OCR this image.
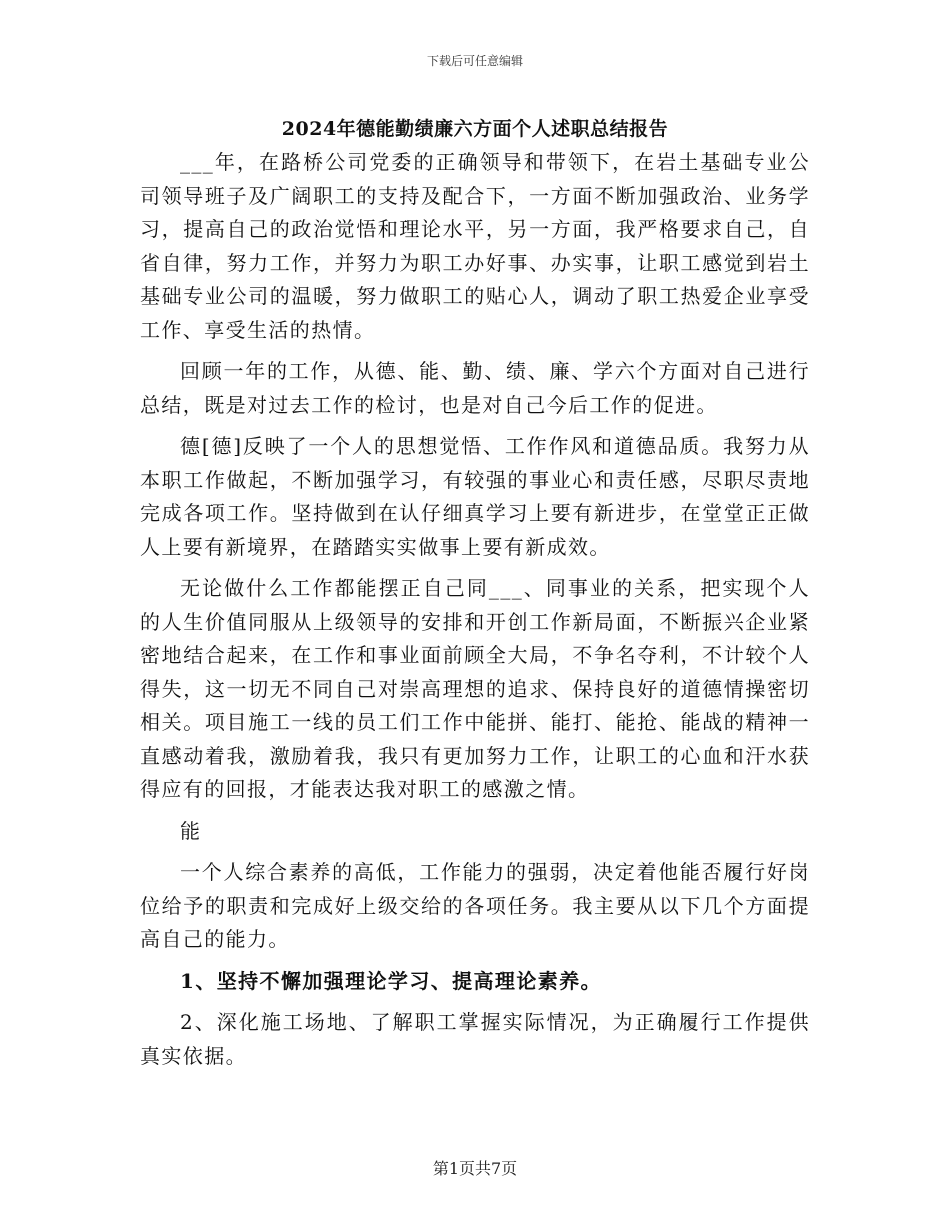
下载后可任意编辑
2024年德能勤绩廉六方面个人述职总结报告

___年，在路桥公司党委的正确领导和带领下，在岩土基础专业公司领导班子及广阔职工的支持及配合下，一方面不断加强政治、业务学习，提高自己的政治觉悟和理论水平，另一方面，我严格要求自己，自省自律，努力工作，并努力为职工办好事、办实事，让职工感觉到岩土基础专业公司的温暖，努力做职工的贴心人，调动了职工热爱企业享受工作、享受生活的热情。

回顾一年的工作，从德、能、勤、绩、廉、学六个方面对自己进行总结，既是对过去工作的检讨，也是对自己今后工作的促进。

德[德]反映了一个人的思想觉悟、工作作风和道德品质。我努力从本职工作做起，不断加强学习，有较强的事业心和责任感，尽职尽责地完成各项工作。坚持做到在认仔细真学习上要有新进步，在堂堂正正做人上要有新境界，在踏踏实实做事上要有新成效。

无论做什么工作都能摆正自己同___、同事业的关系，把实现个人的人生价值同服从上级领导的安排和开创工作新局面，不断振兴企业紧密地结合起来，在工作和事业面前顾全大局，不争名夺利，不计较个人得失，这一切无不同自己对崇高理想的追求、保持良好的道德情操密切相关。项目施工一线的员工们工作中能拼、能打、能抢、能战的精神一直感动着我，激励着我，我只有更加努力工作，让职工的心血和汗水获得应有的回报，才能表达我对职工的感激之情。

能

一个人综合素养的高低，工作能力的强弱，决定着他能否履行好岗位给予的职责和完成好上级交给的各项任务。我主要从以下几个方面提高自己的能力。

1、坚持不懈加强理论学习、提高理论素养。

2、深化施工场地、了解职工掌握实际情况，为正确履行工作提供真实依据。

第1页共7页
